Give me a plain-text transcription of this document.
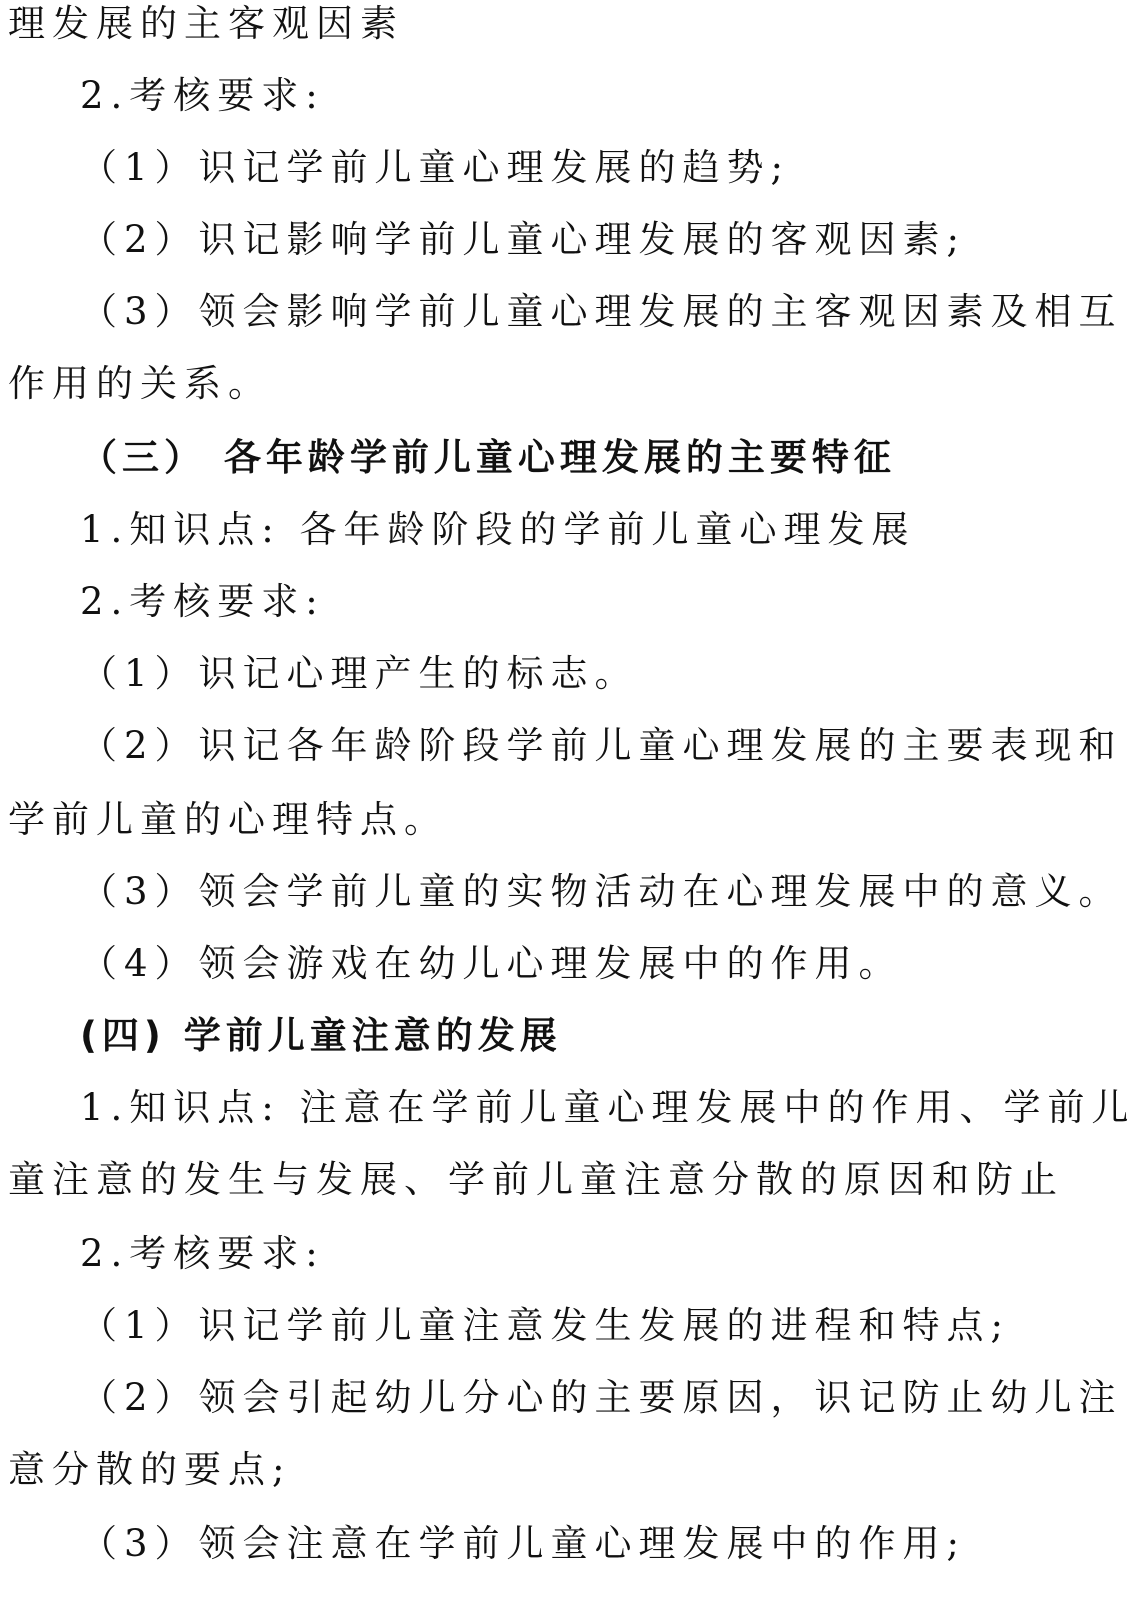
理发展的主客观因素
2.考核要求:
（1）识记学前儿童心理发展的趋势;
（2）识记影响学前儿童心理发展的客观因素;
（3）领会影响学前儿童心理发展的主客观因素及相互
作用的关系。
（三） 各年龄学前儿童心理发展的主要特征
1.知识点: 各年龄阶段的学前儿童心理发展
2.考核要求:
（1）识记心理产生的标志。
（2）识记各年龄阶段学前儿童心理发展的主要表现和
学前儿童的心理特点。
（3）领会学前儿童的实物活动在心理发展中的意义。
（4）领会游戏在幼儿心理发展中的作用。
(四) 学前儿童注意的发展
1.知识点: 注意在学前儿童心理发展中的作用、学前儿
童注意的发生与发展、学前儿童注意分散的原因和防止
2.考核要求:
（1）识记学前儿童注意发生发展的进程和特点;
（2）领会引起幼儿分心的主要原因，识记防止幼儿注
意分散的要点;
（3）领会注意在学前儿童心理发展中的作用;
